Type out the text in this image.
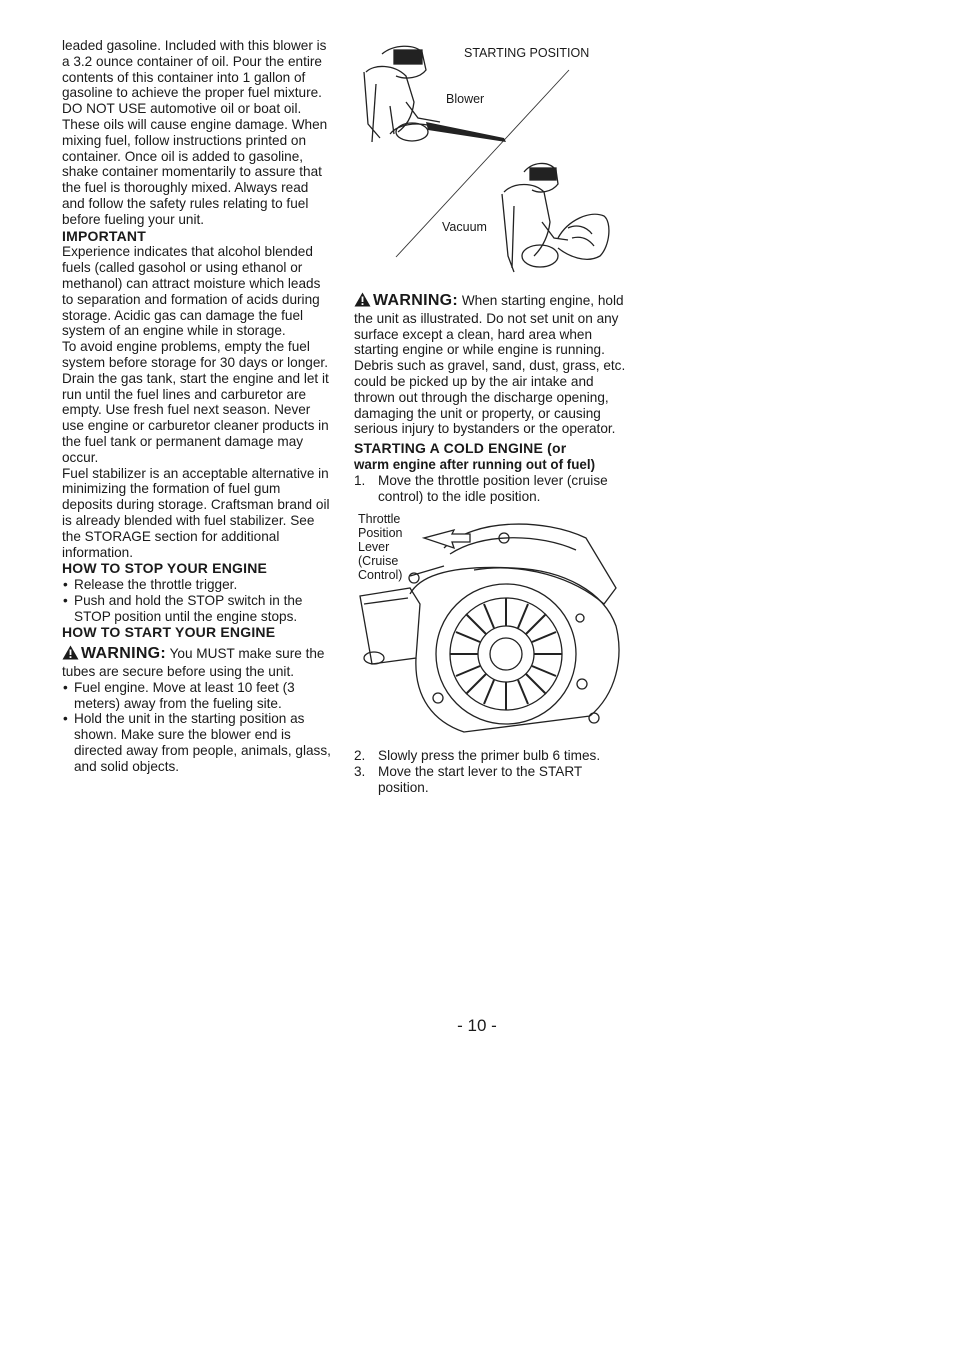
leaded gasoline. Included with this blower is a 3.2 ounce container of oil. Pour the entire contents of this container into 1 gallon of gasoline to achieve the proper fuel mixture. DO NOT USE automotive oil or boat oil. These oils will cause engine damage. When mixing fuel, follow instructions printed on container. Once oil is added to gasoline, shake container momentarily to assure that the fuel is thoroughly mixed. Always read and follow the safety rules relating to fuel before fueling your unit.

IMPORTANT

Experience indicates that alcohol blended fuels (called gasohol or using ethanol or methanol) can attract moisture which leads to separation and formation of acids during storage. Acidic gas can damage the fuel system of an engine while in storage.

To avoid engine problems, empty the fuel system before storage for 30 days or longer. Drain the gas tank, start the engine and let it run until the fuel lines and carburetor are empty. Use fresh fuel next season. Never use engine or carburetor cleaner products in the fuel tank or permanent damage may occur.

Fuel stabilizer is an acceptable alternative in minimizing the formation of fuel gum deposits during storage. Craftsman brand oil is already blended with fuel stabilizer. See the STORAGE section for additional information.

HOW TO STOP YOUR ENGINE

• Release the throttle trigger.
• Push and hold the STOP switch in the STOP position until the engine stops.

HOW TO START YOUR ENGINE

WARNING: You MUST make sure the tubes are secure before using the unit.

• Fuel engine. Move at least 10 feet (3 meters) away from the fueling site.
• Hold the unit in the starting position as shown. Make sure the blower end is directed away from people, animals, glass, and solid objects.
STARTING POSITION
Blower
Vacuum

WARNING: When starting engine, hold the unit as illustrated. Do not set unit on any surface except a clean, hard area when starting engine or while engine is running. Debris such as gravel, sand, dust, grass, etc. could be picked up by the air intake and thrown out through the discharge opening, damaging the unit or property, or causing serious injury to bystanders or the operator.

STARTING A COLD ENGINE (or

warm engine after running out of fuel)

1. Move the throttle position lever (cruise control) to the idle position.
Throttle
Position
Lever
(Cruise
Control)
2. Slowly press the primer bulb 6 times.
3. Move the start lever to the START position.
- 10 -
